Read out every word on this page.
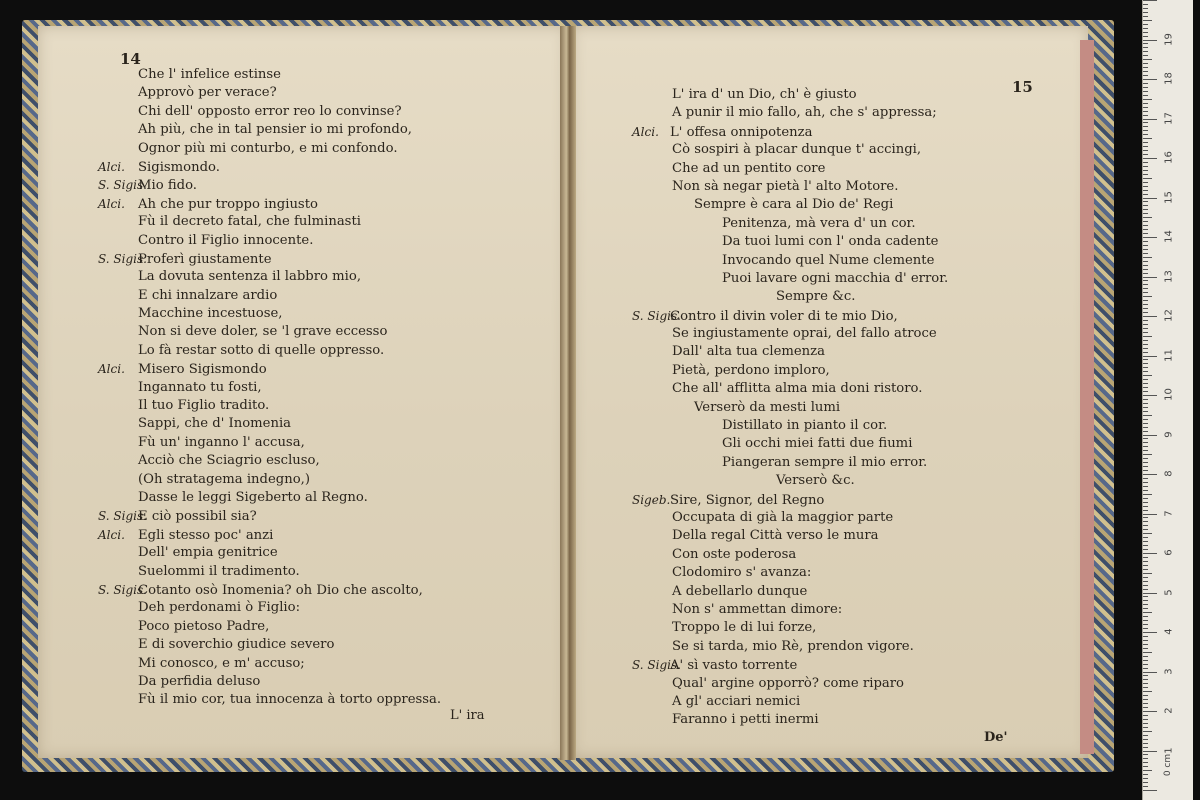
14
15
Che l' infelice estinse
Approvò per verace?
Chi dell' opposto error reo lo convinse?
Ah più, che in tal pensier io mi profondo,
Ognor più mi conturbo, e mi confondo.
Alci. Sigismondo.
S. Sigis.Mio fido.
Alci. Ah che pur troppo ingiusto
Fù il decreto fatal, che fulminasti
Contro il Figlio innocente.
S. Sigis.Proferì giustamente
La dovuta sentenza il labbro mio,
E chi innalzare ardio
Macchine incestuose,
Non si deve doler, se 'l grave eccesso
Lo fà restar sotto di quelle oppresso.
Alci. Misero Sigismondo
Ingannato tu fosti,
Il tuo Figlio tradito.
Sappi, che d' Inomenia
Fù un' inganno l' accusa,
Acciò che Sciagrio escluso,
(Oh stratagema indegno,)
Dasse le leggi Sigeberto al Regno.
S. Sigis.E ciò possibil sia?
Alci. Egli stesso poc' anzi
Dell' empia genitrice
Suelommi il tradimento.
S. Sigis.Cotanto osò Inomenia? oh Dio che ascolto,
Deh perdonami ò Figlio:
Poco pietoso Padre,
E di soverchio giudice severo
Mi conosco, e m' accuso;
Da perfidia deluso
Fù il mio cor, tua innocenza à torto oppressa.
L' ira d' un Dio, ch' è giusto
A punir il mio fallo, ah, che s' appressa;
Alci. L' offesa onnipotenza
Cò sospiri à placar dunque t' accingi,
Che ad un pentito core
Non sà negar pietà l' alto Motore.
Sempre è cara al Dio de' Regi
Penitenza, mà vera d' un cor.
Da tuoi lumi con l' onda cadente
Invocando quel Nume clemente
Puoi lavare ogni macchia d' error.
Sempre &c.
S. Sigis.Contro il divin voler di te mio Dio,
Se ingiustamente oprai, del fallo atroce
Dall' alta tua clemenza
Pietà, perdono imploro,
Che all' afflitta alma mia doni ristoro.
Verserò da mesti lumi
Distillato in pianto il cor.
Gli occhi miei fatti due fiumi
Piangeran sempre il mio error.
Verserò &c.
Sigeb.Sire, Signor, del Regno
Occupata di già la maggior parte
Della regal Città verso le mura
Con oste poderosa
Clodomiro s' avanza:
A debellarlo dunque
Non s' ammettan dimore:
Troppo le di lui forze,
Se si tarda, mio Rè, prendon vigore.
S. Sigis.A' sì vasto torrente
Qual' argine opporrò? come riparo
A gl' acciari nemici
Faranno i petti inermi
L' ira
De'
0 cm
19
18
17
16
15
14
13
12
11
10
9
8
7
6
5
4
3
2
1
